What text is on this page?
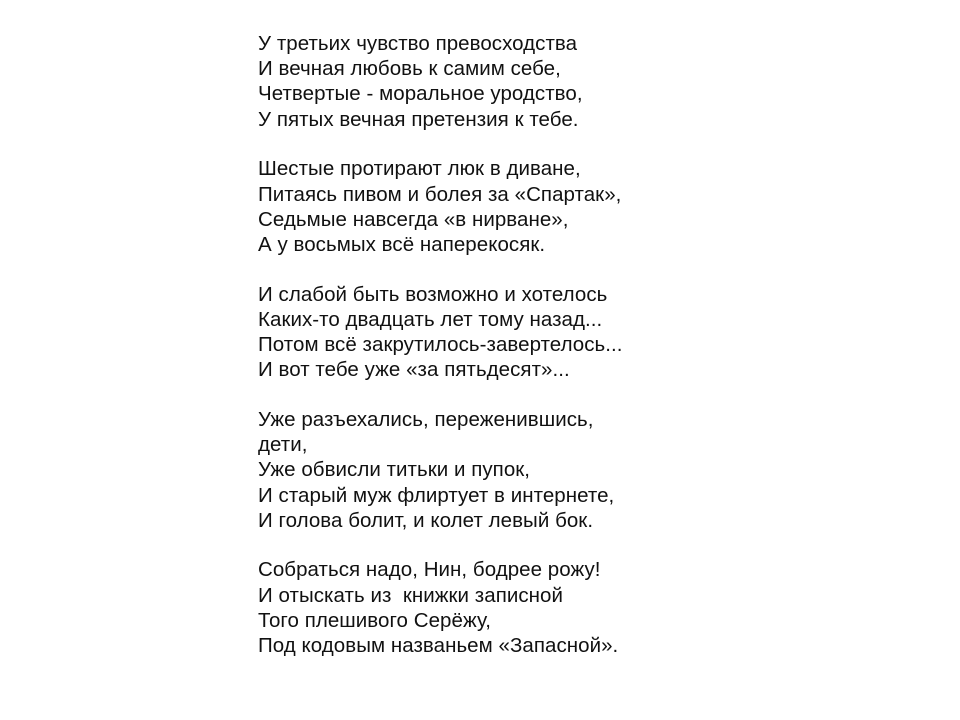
У третьих чувство превосходства
И вечная любовь к самим себе,
Четвертые - моральное уродство,
У пятых вечная претензия к тебе.
Шестые протирают люк в диване,
Питаясь пивом и болея за «Спартак»,
Седьмые навсегда «в нирване»,
А у восьмых всё наперекосяк.
И слабой быть возможно и хотелось
Каких-то двадцать лет тому назад...
Потом всё закрутилось-завертелось...
И вот тебе уже «за пятьдесят»...
Уже разъехались, переженившись,
дети,
Уже обвисли титьки и пупок,
И старый муж флиртует в интернете,
И голова болит, и колет левый бок.
Собраться надо, Нин, бодрее рожу!
И отыскать из  книжки записной
Того плешивого Серёжу,
Под кодовым названьем «Запасной».
